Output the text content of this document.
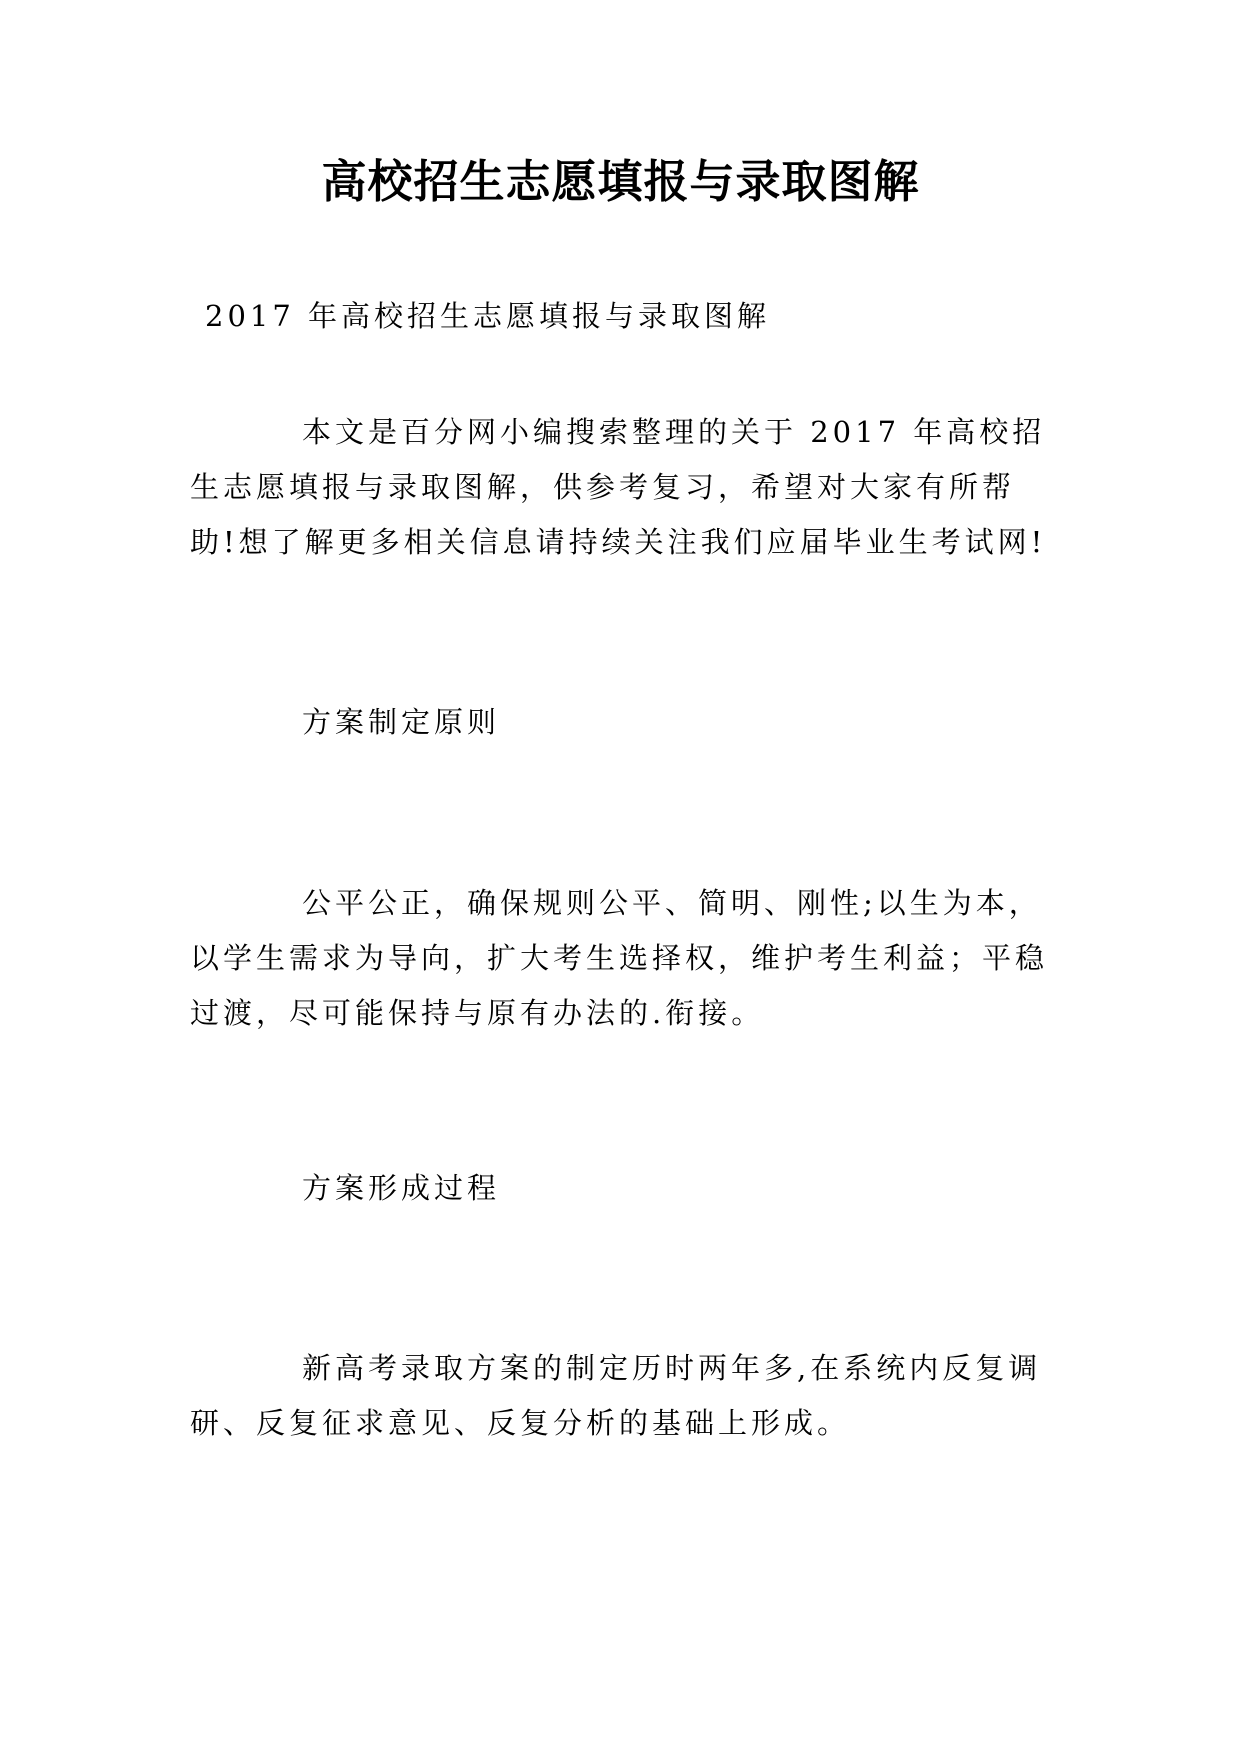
高校招生志愿填报与录取图解

2017 年高校招生志愿填报与录取图解

本文是百分网小编搜索整理的关于 2017 年高校招生志愿填报与录取图解，供参考复习，希望对大家有所帮助!想了解更多相关信息请持续关注我们应届毕业生考试网!

方案制定原则

公平公正，确保规则公平、简明、刚性;以生为本，以学生需求为导向，扩大考生选择权，维护考生利益；平稳过渡，尽可能保持与原有办法的.衔接。

方案形成过程

新高考录取方案的制定历时两年多,在系统内反复调研、反复征求意见、反复分析的基础上形成。
